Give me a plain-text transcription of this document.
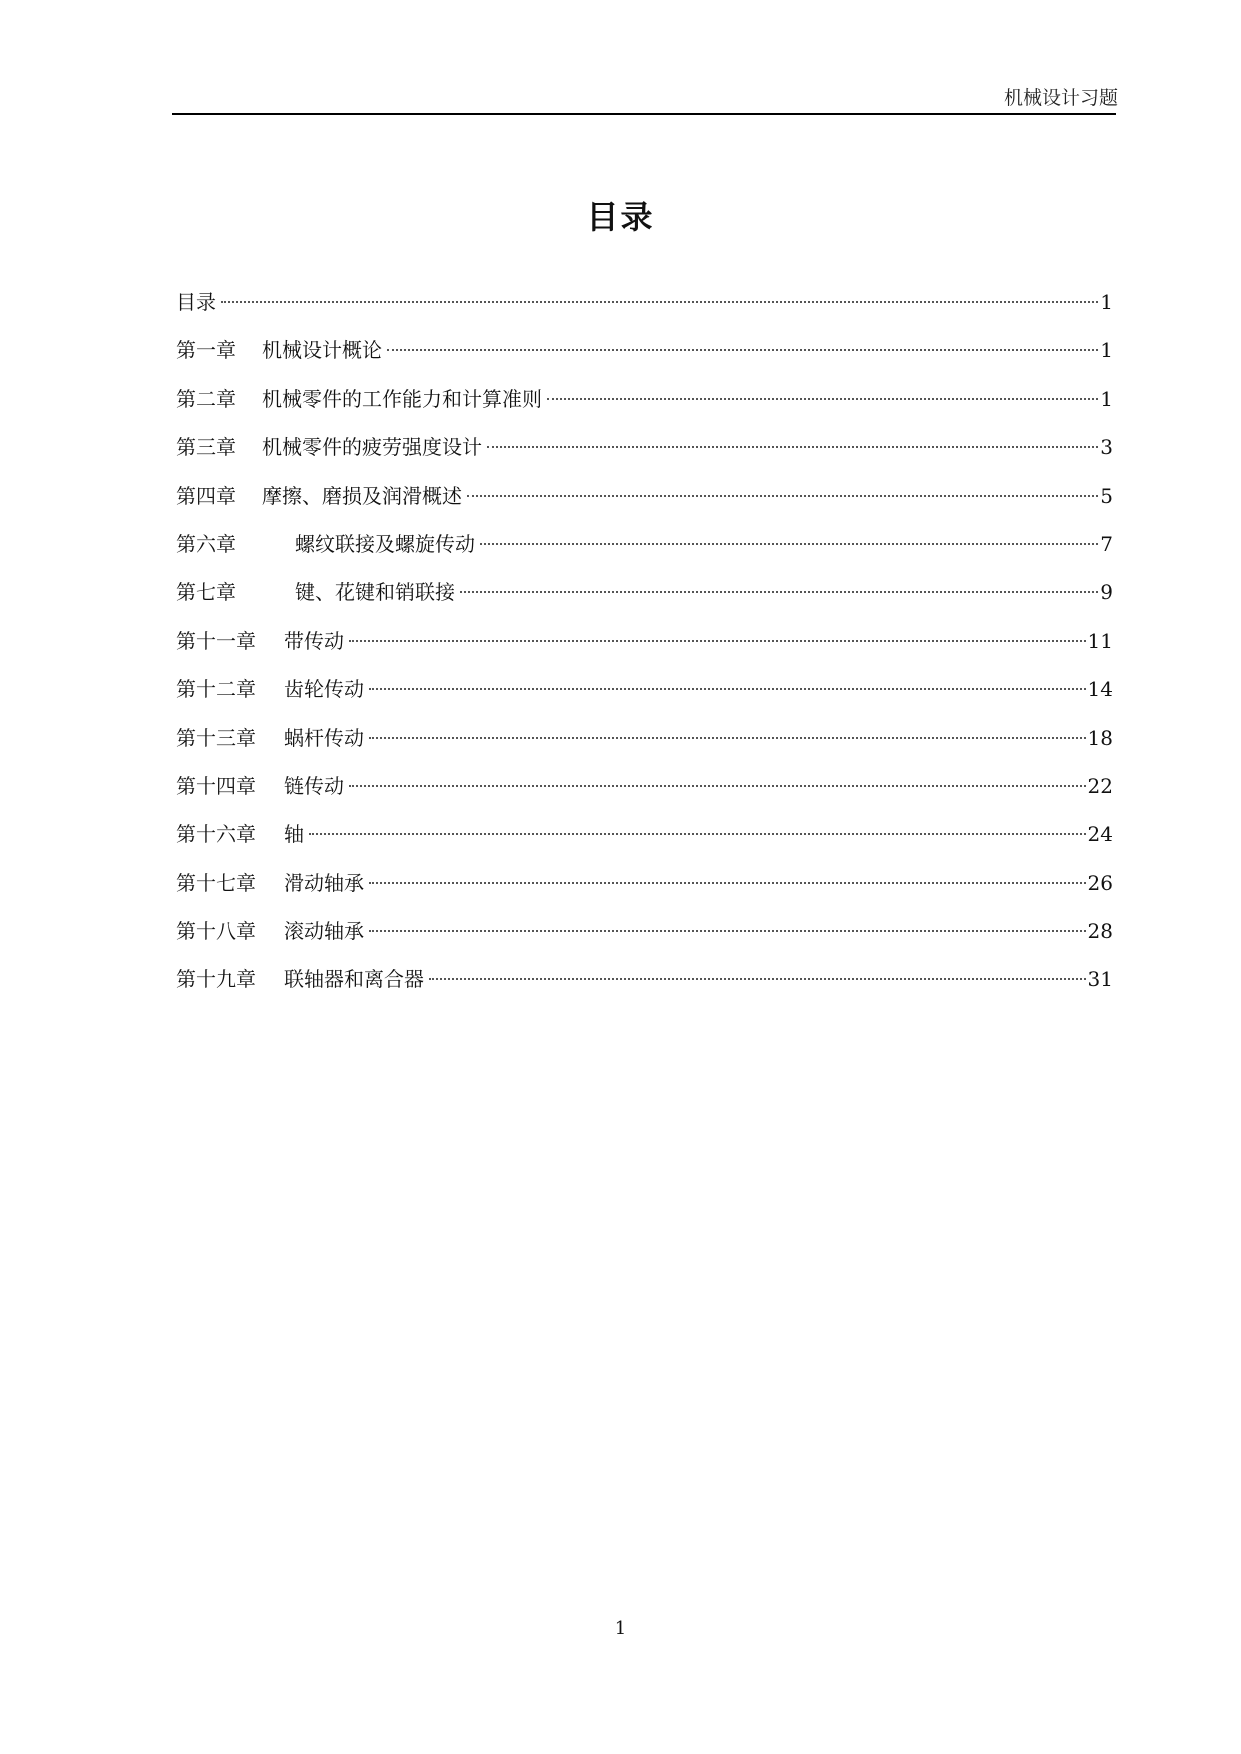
机械设计习题
目录
目录	1
第一章	机械设计概论	1
第二章	机械零件的工作能力和计算准则	1
第三章	机械零件的疲劳强度设计	3
第四章	摩擦、磨损及润滑概述	5
第六章	螺纹联接及螺旋传动	7
第七章	键、花键和销联接	9
第十一章	带传动	11
第十二章	齿轮传动	14
第十三章	蜗杆传动	18
第十四章	链传动	22
第十六章	轴	24
第十七章	滑动轴承	26
第十八章	滚动轴承	28
第十九章	联轴器和离合器	31
1
